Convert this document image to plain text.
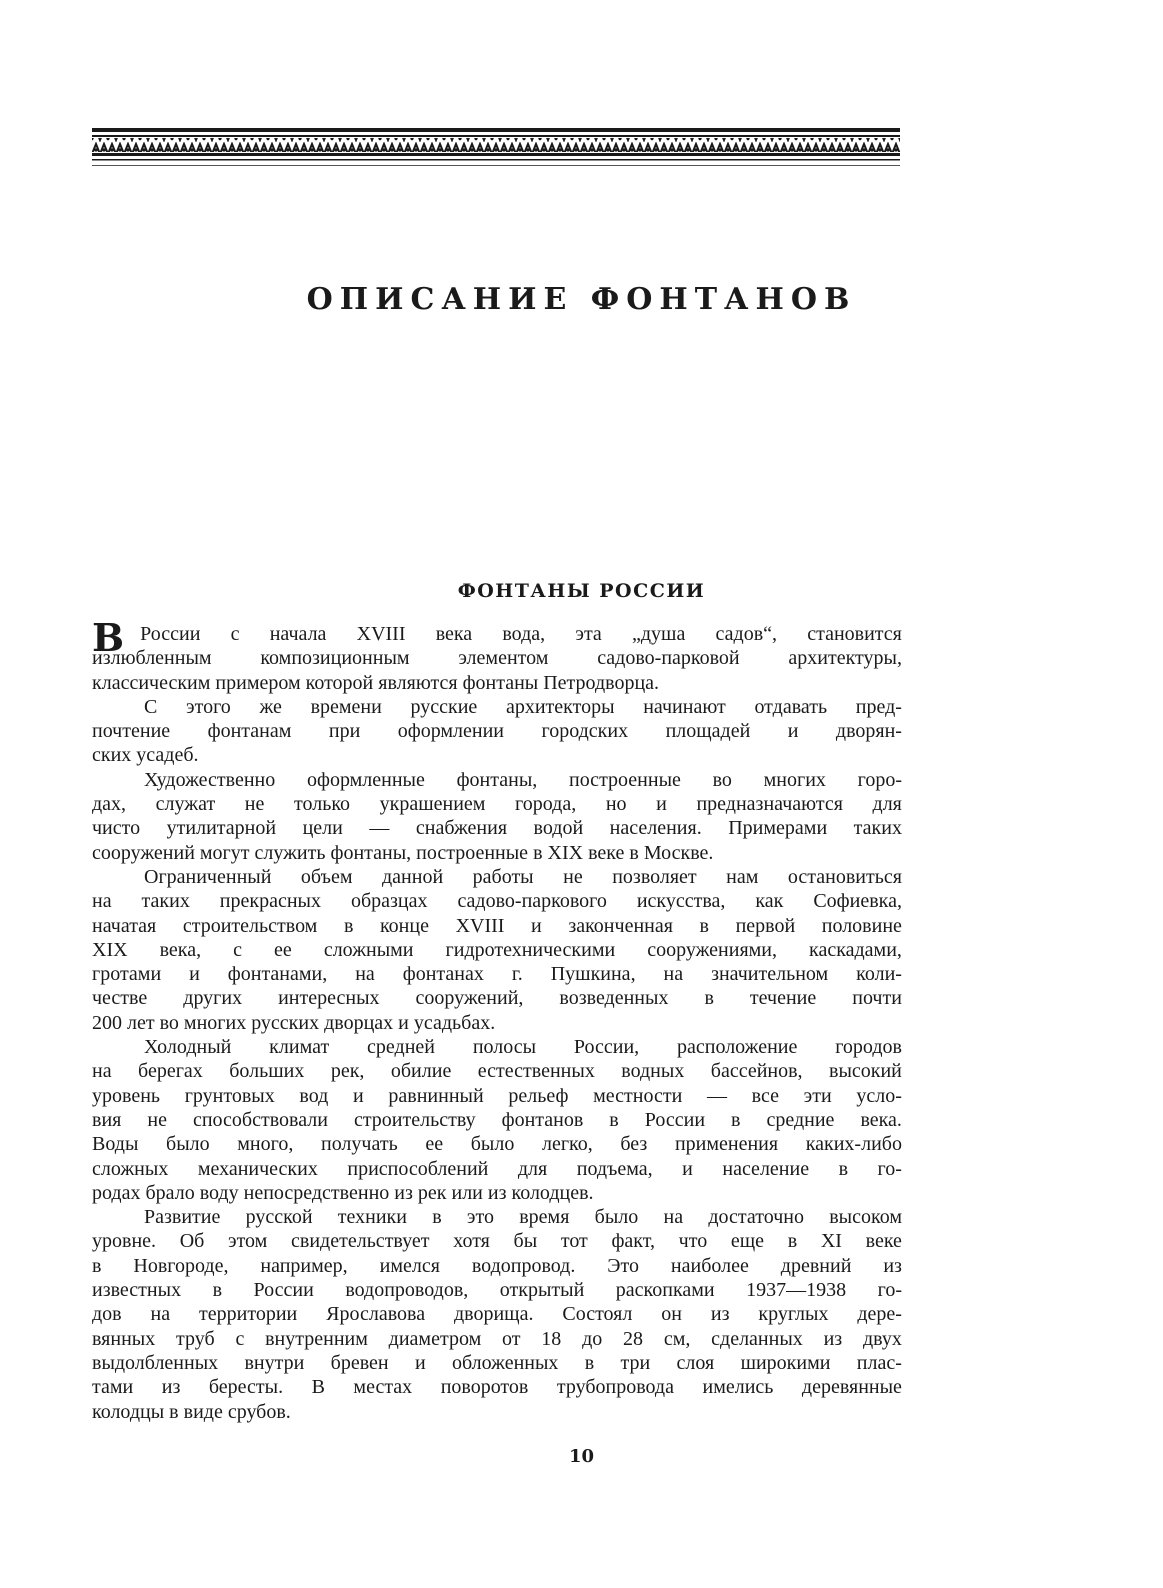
ОПИСАНИЕ ФОНТАНОВ
ФОНТАНЫ РОССИИ
В России с начала XVIII века вода, эта „душа садов“, становится
излюбленным композиционным элементом садово-парковой архитектуры,
классическим
примером
которой
являются
фонтаны
Петродворца.
С этого же времени русские архитекторы начинают отдавать пред-
почтение фонтанам при оформлении городских площадей и дворян-
ских
усадеб.
Художественно оформленные фонтаны, построенные во многих горо-
дах, служат не только украшением города, но и предназначаются для
чисто утилитарной цели — снабжения водой населения. Примерами таких
сооружений
могут
служить
фонтаны,
построенные
в
XIX
веке
в
Москве.
Ограниченный объем данной работы не позволяет нам остановиться
на таких прекрасных образцах садово-паркового искусства, как Софиевка,
начатая строительством в конце XVIII и законченная в первой половине
XIX века, с ее сложными гидротехническими сооружениями, каскадами,
гротами и фонтанами, на фонтанах г. Пушкина, на значительном коли-
честве других интересных сооружений, возведенных в течение почти
200
лет
во
многих
русских
дворцах
и
усадьбах.
Холодный климат средней полосы России, расположение городов
на берегах больших рек, обилие естественных водных бассейнов, высокий
уровень грунтовых вод и равнинный рельеф местности — все эти усло-
вия не способствовали строительству фонтанов в России в средние века.
Воды было много, получать ее было легко, без применения каких-либо
сложных механических приспособлений для подъема, и население в го-
родах
брало
воду
непосредственно
из
рек
или
из
колодцев.
Развитие русской техники в это время было на достаточно высоком
уровне. Об этом свидетельствует хотя бы тот факт, что еще в XI веке
в Новгороде, например, имелся водопровод. Это наиболее древний из
известных в России водопроводов, открытый раскопками 1937—1938 го-
дов на территории Ярославова дворища. Состоял он из круглых дере-
вянных труб с внутренним диаметром от 18 до 28 см, сделанных из двух
выдолбленных внутри бревен и обложенных в три слоя широкими плас-
тами из бересты. В местах поворотов трубопровода имелись деревянные
колодцы
в
виде
срубов.
10
